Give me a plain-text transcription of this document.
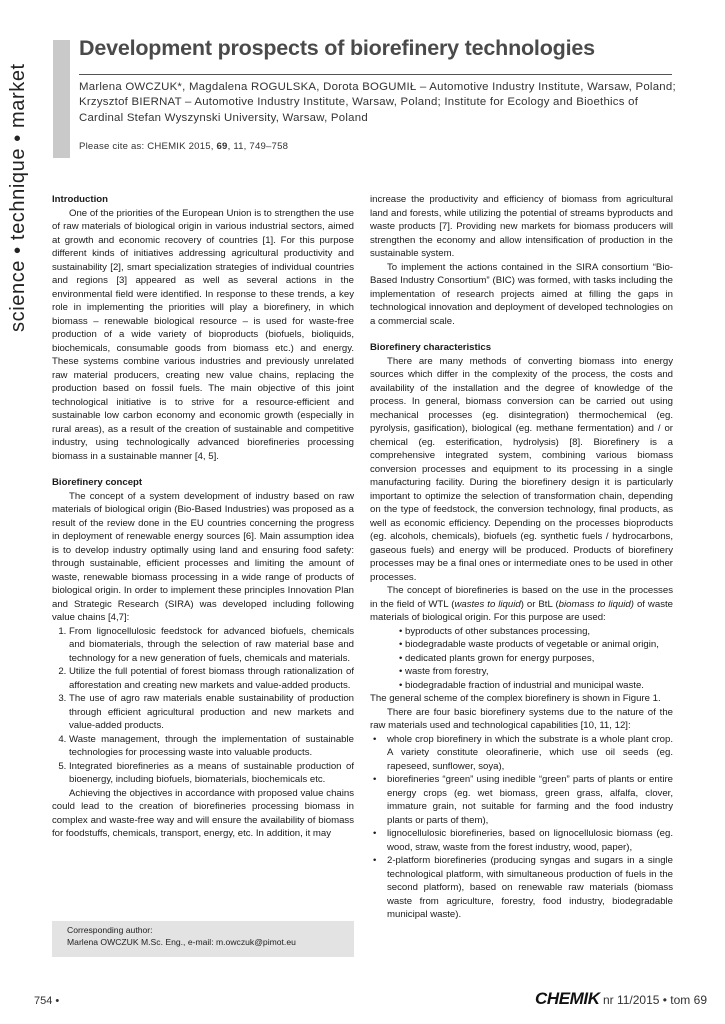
science • technique • market
Development prospects of biorefinery technologies

Marlena OWCZUK*, Magdalena ROGULSKA, Dorota BOGUMIŁ – Automotive Industry Institute, Warsaw, Poland; Krzysztof BIERNAT – Automotive Industry Institute, Warsaw, Poland; Institute for Ecology and Bioethics of Cardinal Stefan Wyszynski University, Warsaw, Poland

Please cite as: CHEMIK 2015, 69, 11, 749–758

Introduction

One of the priorities of the European Union is to strengthen the use of raw materials of biological origin in various industrial sectors, aimed at growth and economic recovery of countries [1]. For this purpose different kinds of initiatives addressing agricultural productivity and sustainability [2], smart specialization strategies of individual countries and regions [3] appeared as well as several actions in the environmental field were identified. In response to these trends, a key role in implementing the priorities will play a biorefinery, in which biomass – renewable biological resource – is used for waste-free production of a wide variety of bioproducts (biofuels, bioliquids, biochemicals, consumable goods from biomass etc.) and energy. These systems combine various industries and previously unrelated raw material producers, creating new value chains, replacing the production based on fossil fuels. The main objective of this joint technological initiative is to strive for a resource-efficient and sustainable low carbon economy and economic growth (especially in rural areas), as a result of the creation of sustainable and competitive industry, using technologically advanced biorefineries processing biomass in a sustainable manner [4, 5].

Biorefinery concept

The concept of a system development of industry based on raw materials of biological origin (Bio-Based Industries) was proposed as a result of the review done in the EU countries concerning the progress in deployment of renewable energy sources [6]. Main assumption idea is to develop industry optimally using land and ensuring food safety: through sustainable, efficient processes and limiting the amount of waste, renewable biomass processing in a wide range of products of biological origin. In order to implement these principles Innovation Plan and Strategic Research (SIRA) was developed including following value chains [4,7]:

1. From lignocellulosic feedstock for advanced biofuels, chemicals and biomaterials, through the selection of raw material base and technology for a new generation of fuels, chemicals and materials.
2. Utilize the full potential of forest biomass through rationalization of afforestation and creating new markets and value-added products.
3. The use of agro raw materials enable sustainability of production through efficient agricultural production and new markets and value-added products.
4. Waste management, through the implementation of sustainable technologies for processing waste into valuable products.
5. Integrated biorefineries as a means of sustainable production of bioenergy, including biofuels, biomaterials, biochemicals etc.

Achieving the objectives in accordance with proposed value chains could lead to the creation of biorefineries processing biomass in complex and waste-free way and will ensure the availability of biomass for foodstuffs, chemicals, transport, energy, etc. In addition, it may

Corresponding author:
Marlena OWCZUK M.Sc. Eng., e-mail: m.owczuk@pimot.eu

increase the productivity and efficiency of biomass from agricultural land and forests, while utilizing the potential of streams byproducts and waste products [7]. Providing new markets for biomass producers will strengthen the economy and allow intensification of production in the sustainable system.

To implement the actions contained in the SIRA consortium “Bio-Based Industry Consortium” (BIC) was formed, with tasks including the implementation of research projects aimed at filling the gaps in technological innovation and deployment of developed technologies on a commercial scale.

Biorefinery characteristics

There are many methods of converting biomass into energy sources which differ in the complexity of the process, the costs and availability of the installation and the degree of knowledge of the process. In general, biomass conversion can be carried out using mechanical processes (eg. disintegration) thermochemical (eg. pyrolysis, gasification), biological (eg. methane fermentation) and / or chemical (eg. esterification, hydrolysis) [8]. Biorefinery is a comprehensive integrated system, combining various biomass conversion processes and equipment to its processing in a single manufacturing facility. During the biorefinery design it is particularly important to optimize the selection of transformation chain, depending on the type of feedstock, the conversion technology, final products, as well as economic efficiency. Depending on the processes bioproducts (eg. alcohols, chemicals), biofuels (eg. synthetic fuels / hydrocarbons, gaseous fuels) and energy will be produced. Products of biorefinery processes may be a final ones or intermediate ones to be used in other processes.

The concept of biorefineries is based on the use in the processes in the field of WTL (wastes to liquid) or BtL (biomass to liquid) of waste materials of biological origin. For this purpose are used:

• byproducts of other substances processing,
• biodegradable waste products of vegetable or animal origin,
• dedicated plants grown for energy purposes,
• waste from forestry,
• biodegradable fraction of industrial and municipal waste.

The general scheme of the complex biorefinery is shown in Figure 1.

There are four basic biorefinery systems due to the nature of the raw materials used and technological capabilities [10, 11, 12]:

• whole crop biorefinery in which the substrate is a whole plant crop. A variety constitute oleorafinerie, which use oil seeds (eg. rapeseed, sunflower, soya),
• biorefineries “green” using inedible “green” parts of plants or entire energy crops (eg. wet biomass, green grass, alfalfa, clover, immature grain, not suitable for farming and the food industry plants or parts of them),
• lignocellulosic biorefineries, based on lignocellulosic biomass (eg. wood, straw, waste from the forest industry, wood, paper),
• 2-platform biorefineries (producing syngas and sugars in a single technological platform, with simultaneous production of fuels in the second platform), based on renewable raw materials (biomass waste from agriculture, forestry, food industry, biodegradable municipal waste).
754 •	CHEMIK nr 11/2015 • tom 69
